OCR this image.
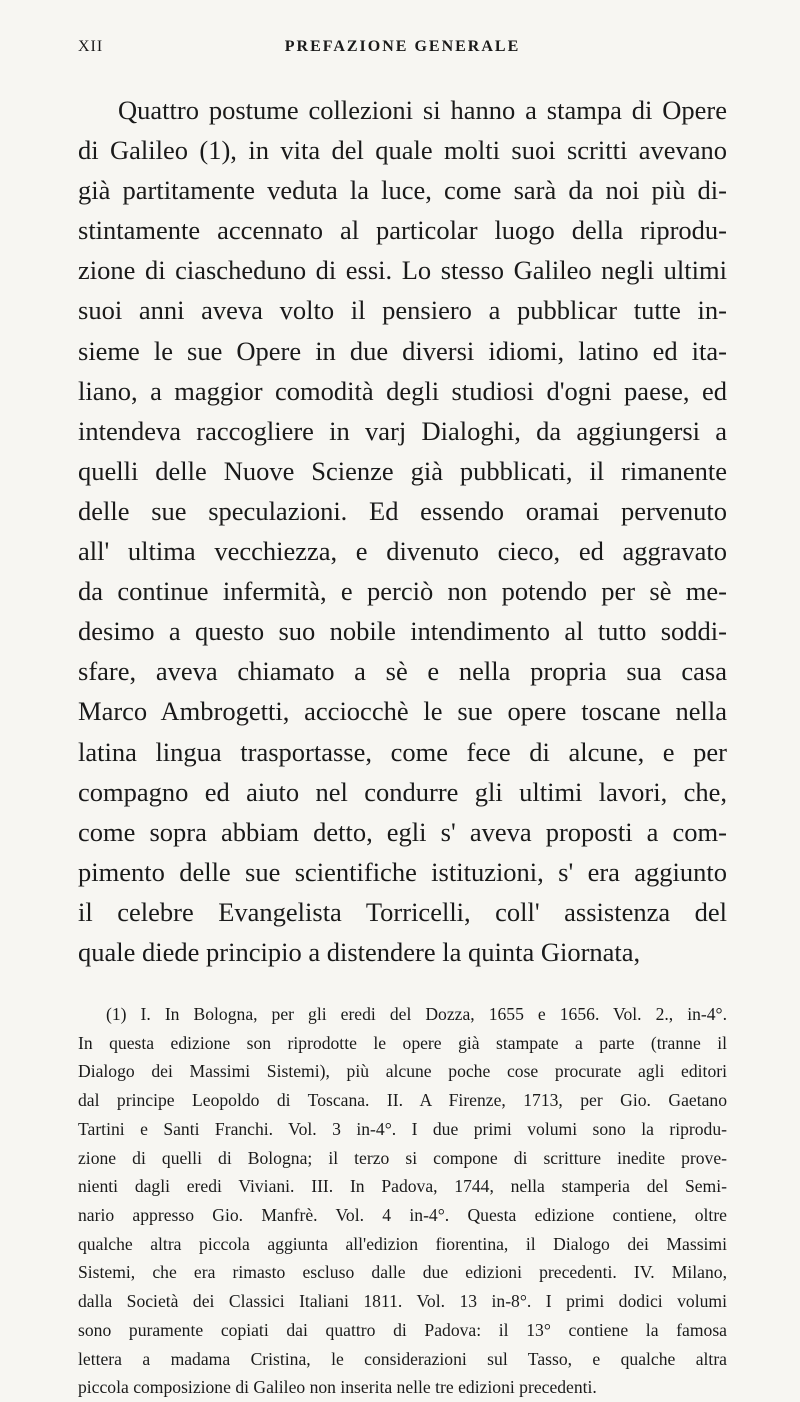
XII	PREFAZIONE GENERALE

Quattro postume collezioni si hanno a stampa di Opere
di Galileo (1), in vita del quale molti suoi scritti avevano
già partitamente veduta la luce, come sarà da noi più di-
stintamente accennato al particolar luogo della riprodu-
zione di ciascheduno di essi. Lo stesso Galileo negli ultimi
suoi anni aveva volto il pensiero a pubblicar tutte in-
sieme le sue Opere in due diversi idiomi, latino ed ita-
liano, a maggior comodità degli studiosi d'ogni paese, ed
intendeva raccogliere in varj Dialoghi, da aggiungersi a
quelli delle Nuove Scienze già pubblicati, il rimanente
delle sue speculazioni. Ed essendo oramai pervenuto
all' ultima vecchiezza, e divenuto cieco, ed aggravato
da continue infermità, e perciò non potendo per sè me-
desimo a questo suo nobile intendimento al tutto soddi-
sfare, aveva chiamato a sè e nella propria sua casa
Marco Ambrogetti, acciocchè le sue opere toscane nella
latina lingua trasportasse, come fece di alcune, e per
compagno ed aiuto nel condurre gli ultimi lavori, che,
come sopra abbiam detto, egli s' aveva proposti a com-
pimento delle sue scientifiche istituzioni, s' era aggiunto
il celebre Evangelista Torricelli, coll' assistenza del
quale diede principio a distendere la quinta Giornata,

(1) I. In Bologna, per gli eredi del Dozza, 1655 e 1656. Vol. 2., in-4°.
In questa edizione son riprodotte le opere già stampate a parte (tranne il
Dialogo dei Massimi Sistemi), più alcune poche cose procurate agli editori
dal principe Leopoldo di Toscana. II. A Firenze, 1713, per Gio. Gaetano
Tartini e Santi Franchi. Vol. 3 in-4°. I due primi volumi sono la riprodu-
zione di quelli di Bologna; il terzo si compone di scritture inedite prove-
nienti dagli eredi Viviani. III. In Padova, 1744, nella stamperia del Semi-
nario appresso Gio. Manfrè. Vol. 4 in-4°. Questa edizione contiene, oltre
qualche altra piccola aggiunta all'edizion fiorentina, il Dialogo dei Massimi
Sistemi, che era rimasto escluso dalle due edizioni precedenti. IV. Milano,
dalla Società dei Classici Italiani 1811. Vol. 13 in-8°. I primi dodici volumi
sono puramente copiati dai quattro di Padova: il 13° contiene la famosa
lettera a madama Cristina, le considerazioni sul Tasso, e qualche altra
piccola composizione di Galileo non inserita nelle tre edizioni precedenti.
